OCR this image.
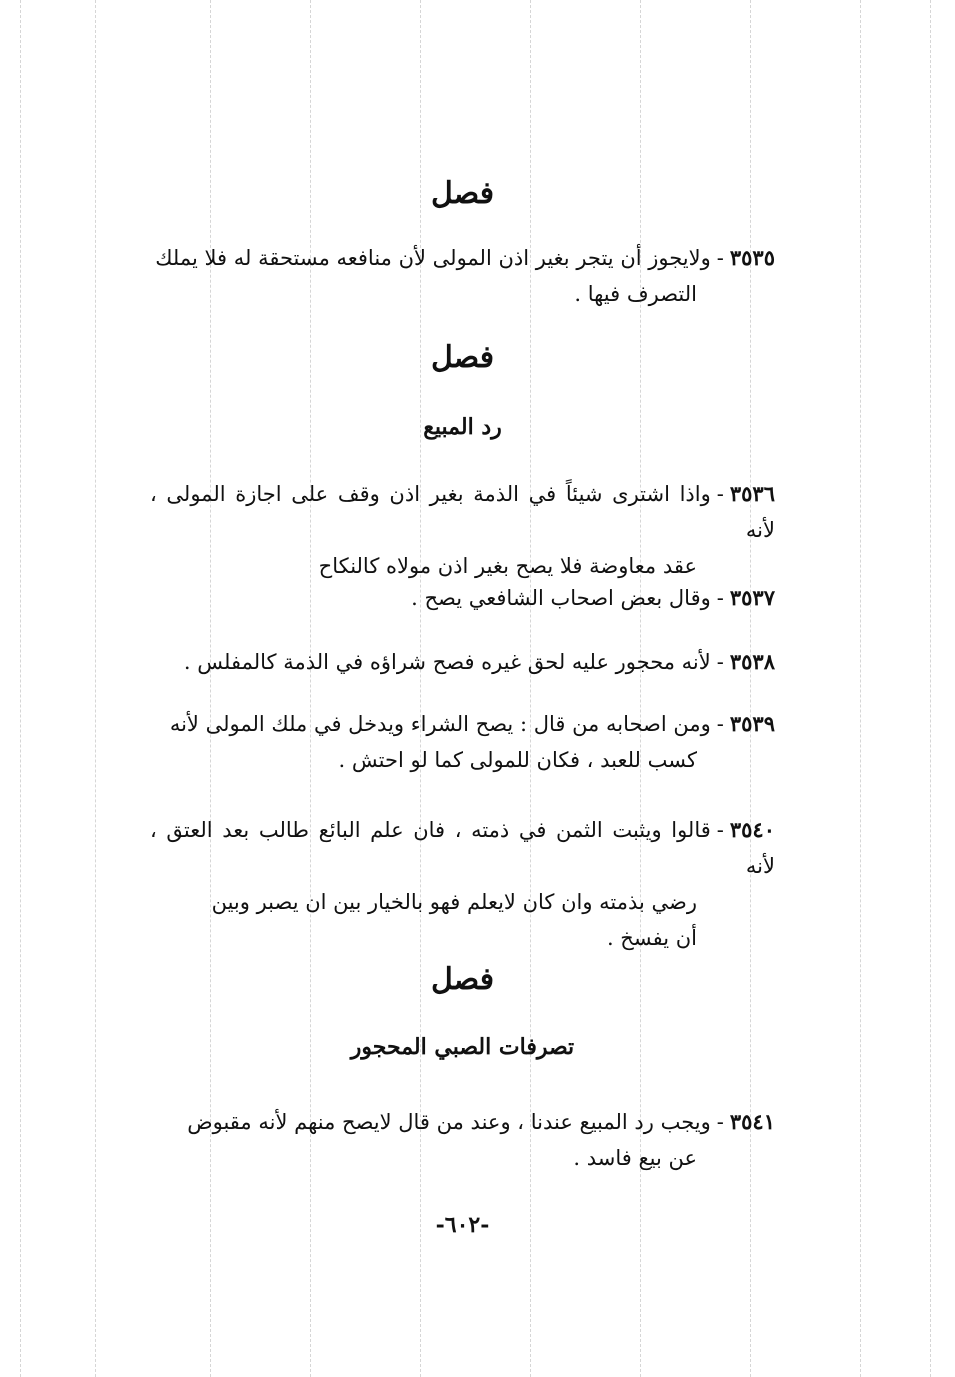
فصل
٣٥٣٥-ولايجوز أن يتجر بغير اذن المولى لأن منافعه مستحقة له فلا يملك
التصرف فيها .
فصل
رد المبيع
٣٥٣٦-واذا اشترى شيئاً في الذمة بغير اذن وقف على اجازة المولى ، لأنه
عقد معاوضة فلا يصح بغير اذن مولاه كالنكاح
٣٥٣٧-وقال بعض اصحاب الشافعي يصح .
٣٥٣٨-لأنه محجور عليه لحق غيره فصح شراؤه في الذمة كالمفلس .
٣٥٣٩-ومن اصحابه من قال : يصح الشراء ويدخل في ملك المولى لأنه
كسب للعبد ، فكان للمولى كما لو احتش .
٣٥٤٠-قالوا ويثبت الثمن في ذمته ، فان علم البائع طالب بعد العتق ، لأنه
رضي بذمته وان كان لايعلم فهو بالخيار بين ان يصبر وبين
أن يفسخ .
فصل
تصرفات الصبي المحجور
٣٥٤١-ويجب رد المبيع عندنا ، وعند من قال لايصح منهم لأنه مقبوض
عن بيع فاسد .
-٦٠٢-
